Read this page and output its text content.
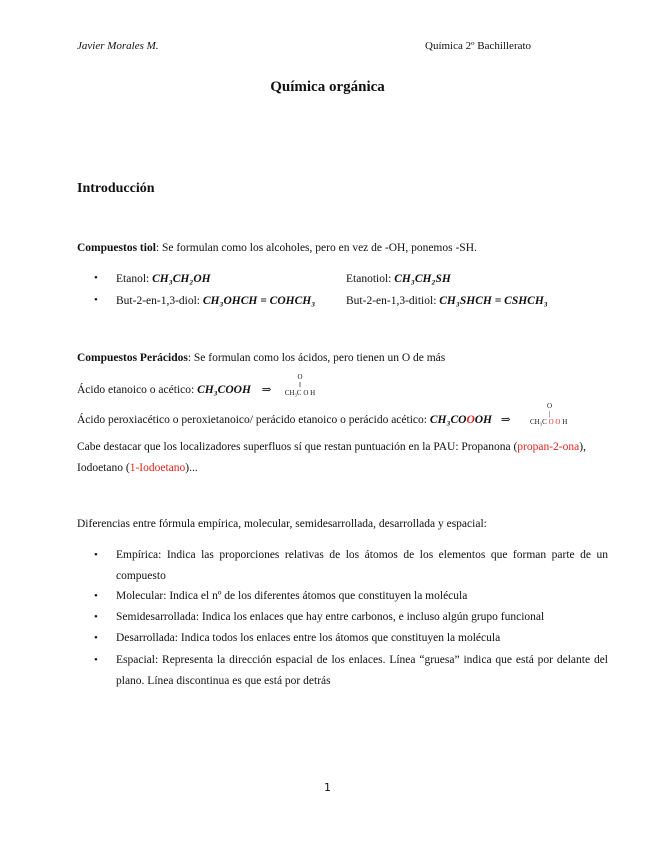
Javier Morales M.	Química 2º Bachillerato
Química orgánica
Introducción
Compuestos tiol: Se formulan como los alcoholes, pero en vez de -OH, ponemos -SH.
• Etanol: CH₃CH₂OH	Etanotiol: CH₃CH₂SH
• But-2-en-1,3-diol: CH₃OHCH = COHCH₃	But-2-en-1,3-ditiol: CH₃SHCH = CSHCH₃
Compuestos Perácidos: Se formulan como los ácidos, pero tienen un O de más
Ácido etanoico o acético: CH₃COOH ⇒
O
‖
CH₃C O H
Ácido peroxiacético o peroxietanoico/ perácido etanoico o perácido acético: CH₃COOOH ⇒
O
|
CH₃C O O H
Cabe destacar que los localizadores superfluos sí que restan puntuación en la PAU: Propanona (propan-2-ona),
Iodoetano (1-Iodoetano)...
Diferencias entre fórmula empírica, molecular, semidesarrollada, desarrollada y espacial:
• Empírica: Indica las proporciones relativas de los átomos de los elementos que forman parte de un
compuesto
• Molecular: Indica el nº de los diferentes átomos que constituyen la molécula
• Semidesarrollada: Indica los enlaces que hay entre carbonos, e incluso algún grupo funcional
• Desarrollada: Indica todos los enlaces entre los átomos que constituyen la molécula
• Espacial: Representa la dirección espacial de los enlaces. Línea “gruesa” indica que está por delante del
plano. Línea discontinua es que está por detrás
1
